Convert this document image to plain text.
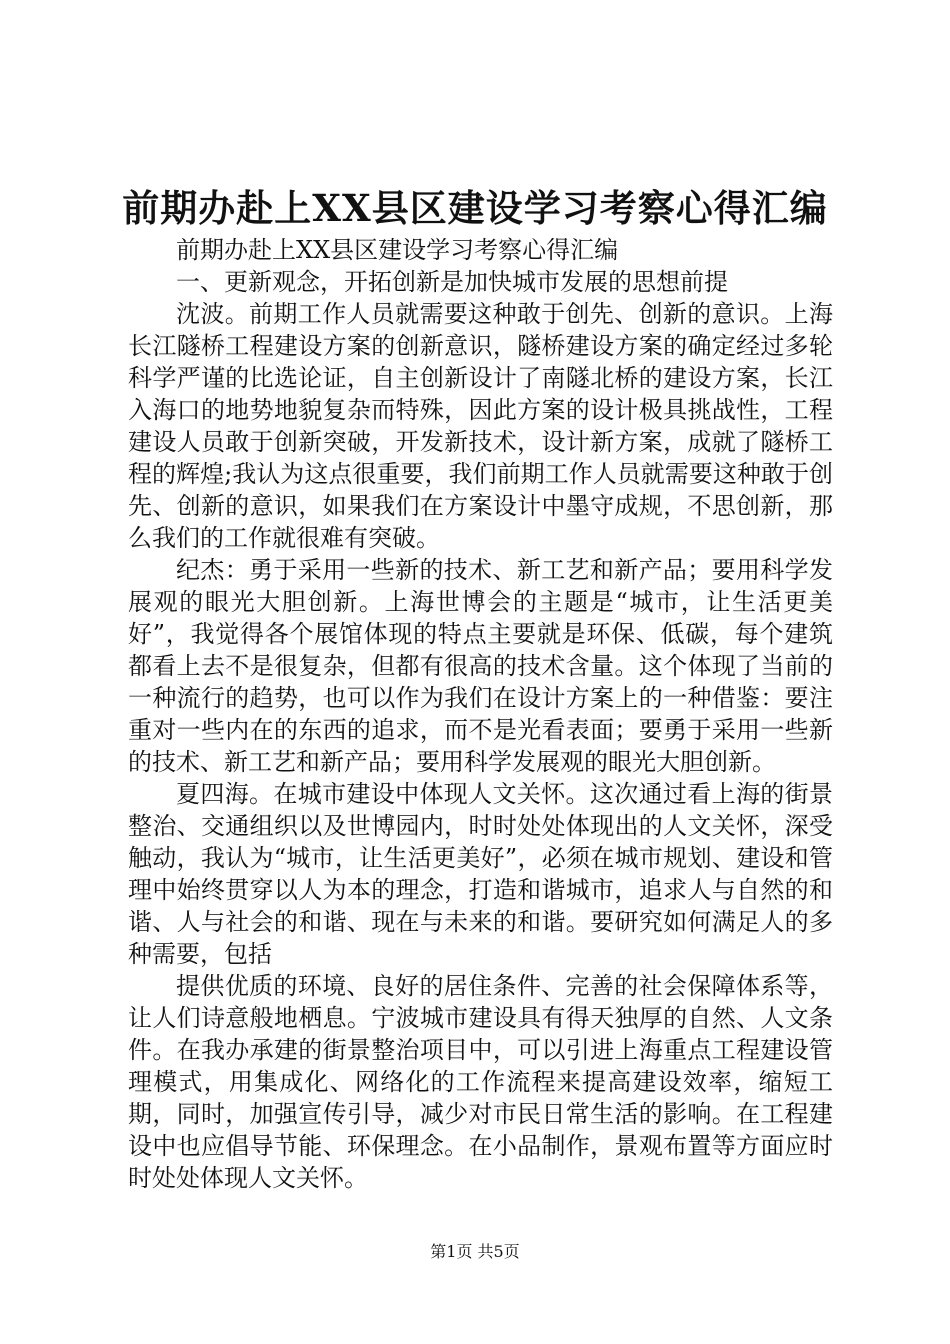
前期办赴上XX县区建设学习考察心得汇编

前期办赴上XX县区建设学习考察心得汇编

一、更新观念，开拓创新是加快城市发展的思想前提

沈波。前期工作人员就需要这种敢于创先、创新的意识。上海长江隧桥工程建设方案的创新意识，隧桥建设方案的确定经过多轮科学严谨的比选论证，自主创新设计了南隧北桥的建设方案，长江入海口的地势地貌复杂而特殊，因此方案的设计极具挑战性，工程建设人员敢于创新突破，开发新技术，设计新方案，成就了隧桥工程的辉煌;我认为这点很重要，我们前期工作人员就需要这种敢于创先、创新的意识，如果我们在方案设计中墨守成规，不思创新，那么我们的工作就很难有突破。

纪杰：勇于采用一些新的技术、新工艺和新产品；要用科学发展观的眼光大胆创新。上海世博会的主题是“城市，让生活更美好”，我觉得各个展馆体现的特点主要就是环保、低碳，每个建筑都看上去不是很复杂，但都有很高的技术含量。这个体现了当前的一种流行的趋势，也可以作为我们在设计方案上的一种借鉴：要注重对一些内在的东西的追求，而不是光看表面；要勇于采用一些新的技术、新工艺和新产品；要用科学发展观的眼光大胆创新。

夏四海。在城市建设中体现人文关怀。这次通过看上海的街景整治、交通组织以及世博园内，时时处处体现出的人文关怀，深受触动，我认为“城市，让生活更美好”，必须在城市规划、建设和管理中始终贯穿以人为本的理念，打造和谐城市，追求人与自然的和谐、人与社会的和谐、现在与未来的和谐。要研究如何满足人的多种需要，包括

提供优质的环境、良好的居住条件、完善的社会保障体系等，让人们诗意般地栖息。宁波城市建设具有得天独厚的自然、人文条件。在我办承建的街景整治项目中，可以引进上海重点工程建设管理模式，用集成化、网络化的工作流程来提高建设效率，缩短工期，同时，加强宣传引导，减少对市民日常生活的影响。在工程建设中也应倡导节能、环保理念。在小品制作，景观布置等方面应时时处处体现人文关怀。

第1页 共5页
